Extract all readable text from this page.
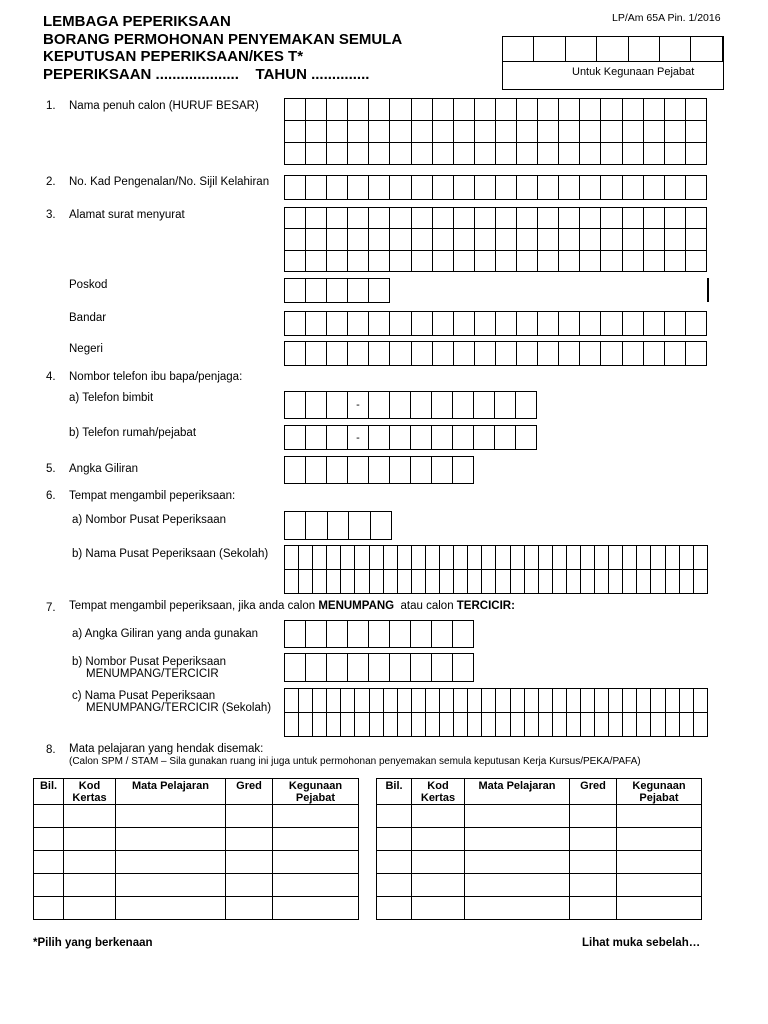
LEMBAGA PEPERIKSAAN
BORANG PERMOHONAN PENYEMAKAN SEMULA
KEPUTUSAN PEPERIKSAAN/KES T*
PEPERIKSAAN ....................    TAHUN ..............
LP/Am 65A Pin. 1/2016
Untuk Kegunaan Pejabat
1. Nama penuh calon (HURUF BESAR)
2. No. Kad Pengenalan/No. Sijil Kelahiran
3. Alamat surat menyurat
Poskod
Bandar
Negeri
4. Nombor telefon ibu bapa/penjaga:
a) Telefon bimbit
-
b) Telefon rumah/pejabat	-
5. Angka Giliran
6. Tempat mengambil peperiksaan:
a) Nombor Pusat Peperiksaan
b) Nama Pusat Peperiksaan (Sekolah)
7. Tempat mengambil peperiksaan, jika anda calon MENUMPANG  atau calon TERCICIR:
a) Angka Giliran yang anda gunakan
b) Nombor Pusat Peperiksaan
MENUMPANG/TERCICIR
c) Nama Pusat Peperiksaan
MENUMPANG/TERCICIR (Sekolah)
8. Mata pelajaran yang hendak disemak:
(Calon SPM / STAM – Sila gunakan ruang ini juga untuk permohonan penyemakan semula keputusan Kerja Kursus/PEKA/PAFA)
Bil.	Kod Kertas	Mata Pelajaran	Gred	Kegunaan Pejabat

Bil.	Kod Kertas	Mata Pelajaran	Gred	Kegunaan Pejabat

*Pilih yang berkenaan	Lihat muka sebelah…
